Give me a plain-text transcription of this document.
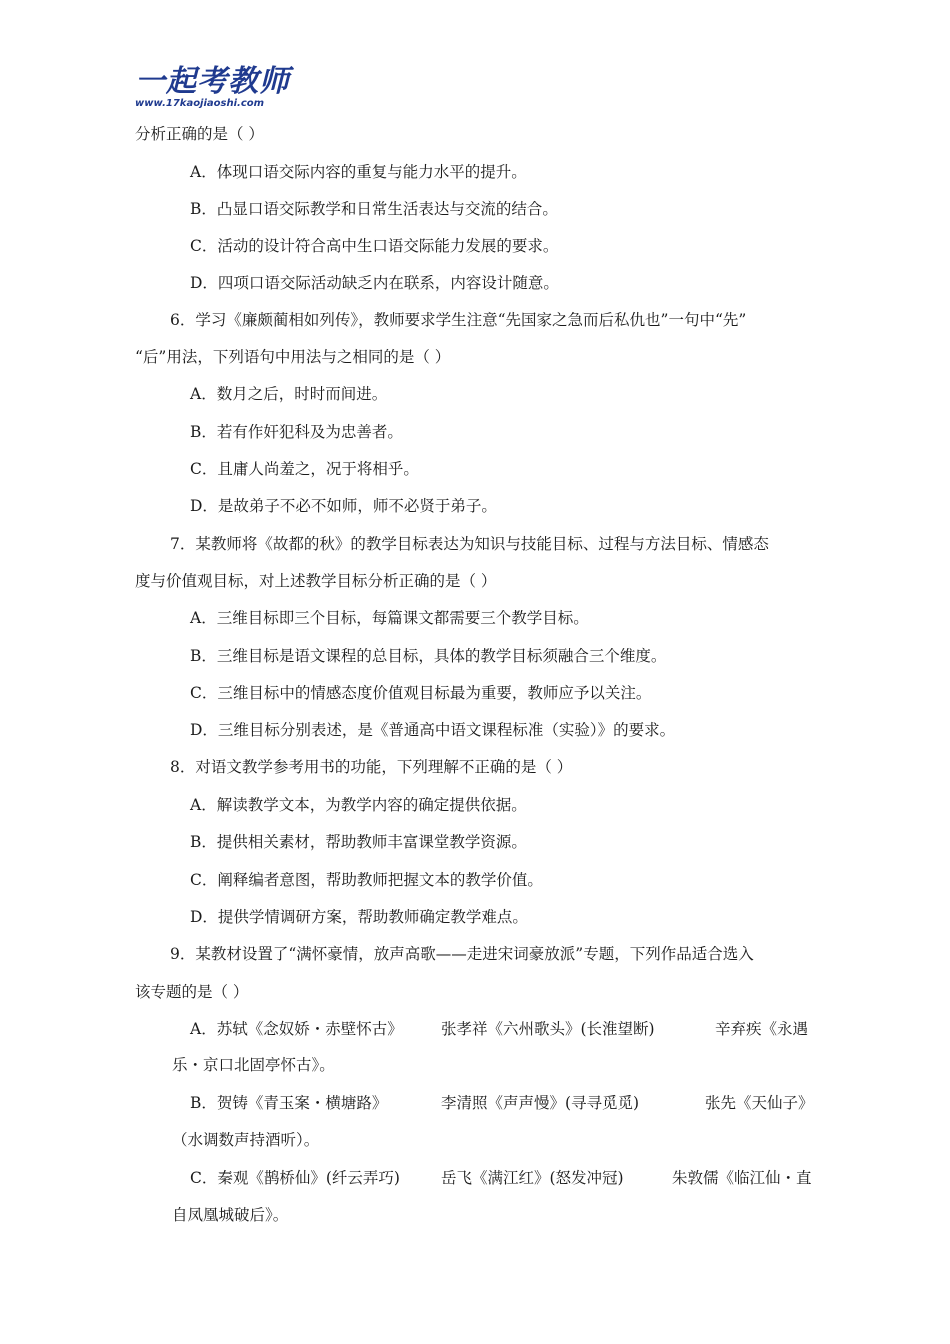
一起考教师
www.17kaojiaoshi.com
分析正确的是（ ）
A．体现口语交际内容的重复与能力水平的提升。
B．凸显口语交际教学和日常生活表达与交流的结合。
C．活动的设计符合高中生口语交际能力发展的要求。
D．四项口语交际活动缺乏内在联系，内容设计随意。
6．学习《廉颇蔺相如列传》，教师要求学生注意“先国家之急而后私仇也”一句中“先”
“后”用法，下列语句中用法与之相同的是（ ）
A．数月之后，时时而间进。
B．若有作奸犯科及为忠善者。
C．且庸人尚羞之，况于将相乎。
D．是故弟子不必不如师，师不必贤于弟子。
7．某教师将《故都的秋》的教学目标表达为知识与技能目标、过程与方法目标、情感态
度与价值观目标，对上述教学目标分析正确的是（ ）
A．三维目标即三个目标，每篇课文都需要三个教学目标。
B．三维目标是语文课程的总目标，具体的教学目标须融合三个维度。
C．三维目标中的情感态度价值观目标最为重要，教师应予以关注。
D．三维目标分别表述，是《普通高中语文课程标准（实验）》的要求。
8．对语文教学参考用书的功能，下列理解不正确的是（ ）
A．解读教学文本，为教学内容的确定提供依据。
B．提供相关素材，帮助教师丰富课堂教学资源。
C．阐释编者意图，帮助教师把握文本的教学价值。
D．提供学情调研方案，帮助教师确定教学难点。
9．某教材设置了“满怀豪情，放声高歌——走进宋词豪放派”专题，下列作品适合选入
该专题的是（ ）
A．苏轼《念奴娇・赤壁怀古》 张孝祥《六州歌头》(长淮望断)	辛弃疾《永遇
乐・京口北固亭怀古》。
B．贺铸《青玉案・横塘路》	李清照《声声慢》(寻寻觅觅)	张先《天仙子》
（水调数声持酒听）。
C．秦观《鹊桥仙》(纤云弄巧)	岳飞《满江红》(怒发冲冠)	朱敦儒《临江仙・直
自凤凰城破后》。
